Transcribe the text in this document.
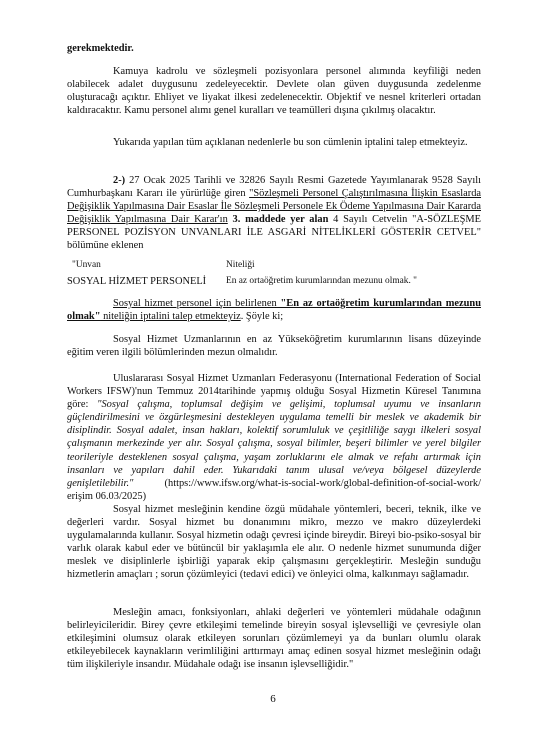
gerekmektedir.

Kamuya kadrolu ve sözleşmeli pozisyonlara personel alımında keyfiliği neden olabilecek adalet duygusunu zedeleyecektir. Devlete olan güven duygusunda zedelenme oluşturacağı açıktır. Ehliyet ve liyakat ilkesi zedelenecektir. Objektif ve nesnel kriterleri ortadan kaldıracaktır. Kamu personel alımı genel kuralları ve teamülleri dışına çıkılmış olacaktır.

Yukarıda yapılan tüm açıklanan nedenlerle bu son cümlenin iptalini talep etmekteyiz.

2-) 27 Ocak 2025 Tarihli ve 32826 Sayılı Resmi Gazetede Yayımlanarak 9528 Sayılı Cumhurbaşkanı Kararı ile yürürlüğe giren "Sözleşmeli Personel Çalıştırılmasına İlişkin Esaslarda Değişiklik Yapılmasına Dair Esaslar İle Sözleşmeli Personele Ek Ödeme Yapılmasına Dair Kararda Değişiklik Yapılmasına Dair Karar'ın 3. maddede yer alan 4 Sayılı Cetvelin "A-SÖZLEŞME PERSONEL POZİSYON UNVANLARI İLE ASGARİ NİTELİKLERİ GÖSTERİR CETVEL" bölümüne eklenen

"Unvan	Niteliği
SOSYAL HİZMET PERSONELİ En az ortaöğretim kurumlarından mezunu olmak. "

Sosyal hizmet personel için belirlenen "En az ortaöğretim kurumlarından mezunu olmak" niteliğin iptalini talep etmekteyiz. Şöyle ki;

Sosyal Hizmet Uzmanlarının en az Yükseköğretim kurumlarının lisans düzeyinde eğitim veren ilgili bölümlerinden mezun olmalıdır.

Uluslararası Sosyal Hizmet Uzmanları Federasyonu (International Federation of Social Workers IFSW)'nun Temmuz 2014tarihinde yapmış olduğu Sosyal Hizmetin Küresel Tanımına göre: "Sosyal çalışma, toplumsal değişim ve gelişimi, toplumsal uyumu ve insanların güçlendirilmesini ve özgürleşmesini destekleyen uygulama temelli bir meslek ve akademik bir disiplindir. Sosyal adalet, insan hakları, kolektif sorumluluk ve çeşitliliğe saygı ilkeleri sosyal çalışmanın merkezinde yer alır. Sosyal çalışma, sosyal bilimler, beşeri bilimler ve yerel bilgiler teorileriyle desteklenen sosyal çalışma, yaşam zorluklarını ele almak ve refahı artırmak için insanları ve yapıları dahil eder. Yukarıdaki tanım ulusal ve/veya bölgesel düzeylerde genişletilebilir." (https://www.ifsw.org/what-is-social-work/global-definition-of-social-work/ erişim 06.03/2025)

Sosyal hizmet mesleğinin kendine özgü müdahale yöntemleri, beceri, teknik, ilke ve değerleri vardır. Sosyal hizmet bu donanımını mikro, mezzo ve makro düzeylerdeki uygulamalarında kullanır. Sosyal hizmetin odağı çevresi içinde bireydir. Bireyi bio-psiko-sosyal bir varlık olarak kabul eder ve bütüncül bir yaklaşımla ele alır. O nedenle hizmet sunumunda diğer meslek ve disiplinlerle işbirliği yaparak ekip çalışmasını gerçekleştirir. Mesleğin sunduğu hizmetlerin amaçları ; sorun çözümleyici (tedavi edici) ve önleyici olma, kalkınmayı sağlamadır.

Mesleğin amacı, fonksiyonları, ahlaki değerleri ve yöntemleri müdahale odağının belirleyicileridir. Birey çevre etkileşimi temelinde bireyin sosyal işlevselliği ve çevresiyle olan etkileşimini olumsuz olarak etkileyen sorunları çözümlemeyi ya da bunları olumlu olarak etkileyebilecek kaynakların verimliliğini arttırmayı amaç edinen sosyal hizmet mesleğinin odağı tüm ilişkileriyle insandır. Müdahale odağı ise insanın işlevselliğidir."

6
